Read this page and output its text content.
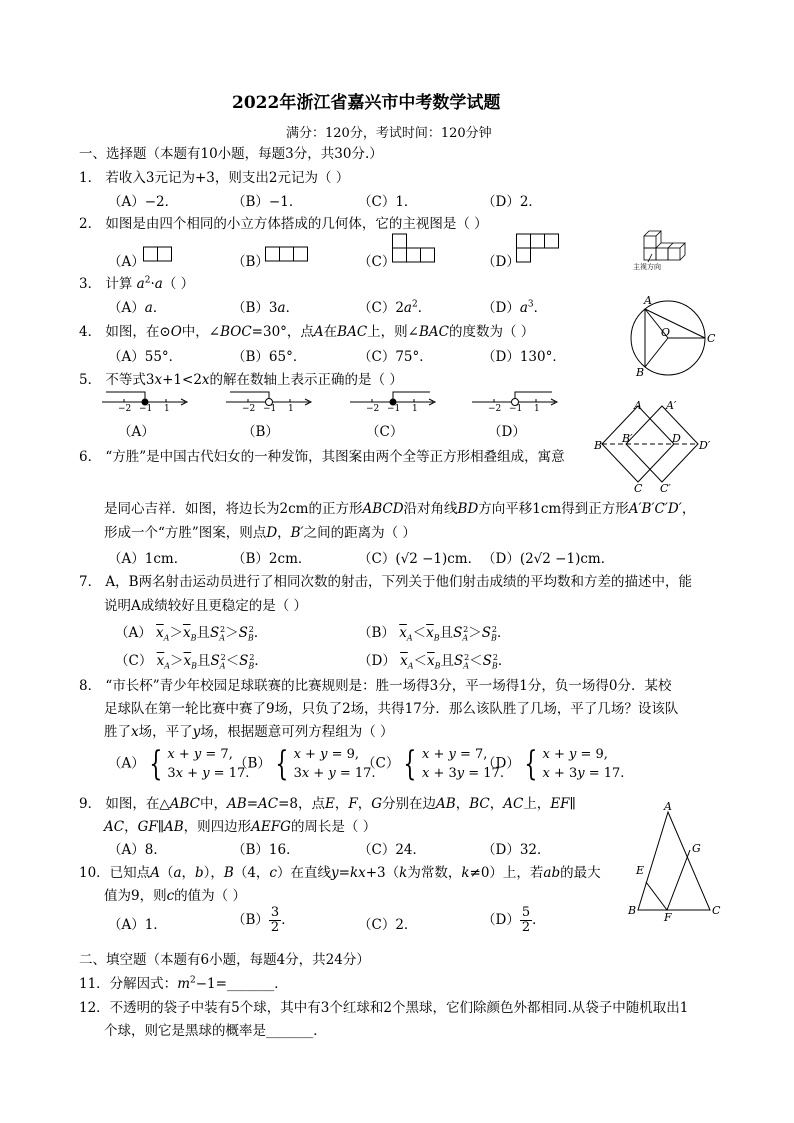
2022年浙江省嘉兴市中考数学试题
满分：120分，考试时间：120分钟
一、选择题（本题有10小题，每题3分，共30分.）
1． 若收入3元记为+3，则支出2元记为（ ）
（A）−2．	（B）−1．	（C）1．	（D）2．
2． 如图是由四个相同的小立方体搭成的几何体，它的主视图是（ ）
（A）	（B）	（C）	（D）	主视方向
3． 计算 $a^2\cdot a$（ ）
（A）a．	（B）3a．	$(C)2a^2$．	$(D)a^3$．
4． 如图，在⊙O中，∠BOC=30°，点A在BAC上，则∠BAC的度数为（ ）
（A）55°．	（B）65°．	（C）75°．	（D）130°．
A
O	C
B
5． 不等式3x+1<2x的解在数轴上表示正确的是（ ）
−2 −1 1	−2 −1 1	−2 −1 1	−2 −1 1
（A）	（B）	（C）	（D）
A A′
B
B′	D
D′
C C′
6． “方胜”是中国古代妇女的一种发饰，其图案由两个全等正方形相叠组成，寓意
是同心吉祥．如图，将边长为2cm的正方形ABCD沿对角线BD方向平移1cm得到正方形A′B′C′D′，
形成一个“方胜”图案，则点D，B′之间的距离为（ ）
（A）1cm．	（B）2cm．	（C）(√2 −1)cm． （D）(2√2 −1)cm．
7． A，B两名射击运动员进行了相同次数的射击，下列关于他们射击成绩的平均数和方差的描述中，能
说明A成绩较好且更稳定的是（ ）
（A） $\overline{x}_A>\overline{x}_B$且$S_A^2>S_B^2$．	（B） $\overline{x}_A<\overline{x}_B$且$S_A^2>S_B^2$．
（C） $\overline{x}_A>\overline{x}_B$且$S_A^2<S_B^2$．	（D） $\overline{x}_A<\overline{x}_B$且$S_A^2<S_B^2$．
8． “市长杯”青少年校园足球联赛的比赛规则是：胜一场得3分，平一场得1分，负一场得0分．某校
足球队在第一轮比赛中赛了9场，只负了2场，共得17分．那么该队胜了几场，平了几场？设该队
胜了x场，平了y场，根据题意可列方程组为（ ）
（A） { x + y = 7,
3x + y = 17.
（B） { x + y = 9,
3x + y = 17.
（C） { x + y = 7,
x + 3y = 17.
（D） { x + y = 9,
x + 3y = 17.
9． 如图，在△ABC中，AB=AC=8，点E，F，G分别在边AB，BC，AC上，EF∥
AC，GF∥AB，则四边形AEFG的周长是（ ）
（A）8．	（B）16．	（C）24．	（D）32．
A
B	C
E
G
F
10．已知点A（a，b），B（4，c）在直线y=kx+3（k为常数，k≠0）上，若ab的最大
值为9，则c的值为（ ）
（A）1．	$(B) \frac{3}{2}$ ．	（C）2．	$(D) \frac{5}{2}$ ．
二、填空题（本题有6小题，每题4分，共24分）
11．分解因式：$m^2-1=\_\_\_\_\_\_\_$．
12．不透明的袋子中装有5个球，其中有3个红球和2个黑球，它们除颜色外都相同.从袋子中随机取出1
个球，则它是黑球的概率是_______．
